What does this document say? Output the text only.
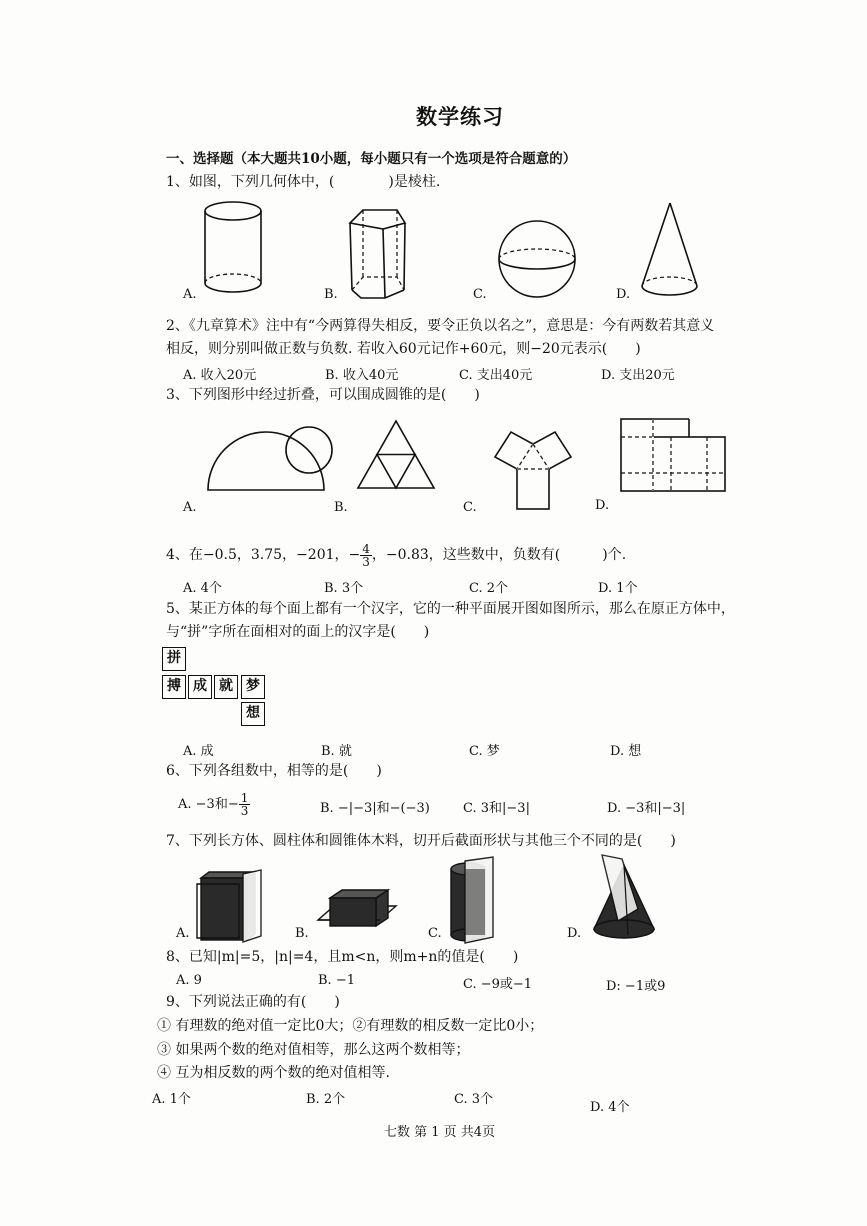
数学练习
一、选择题（本大题共10小题，每小题只有一个选项是符合题意的）
1、如图，下列几何体中，(	)是棱柱.
A.	B.	C.	D.
2、《九章算术》注中有“今两算得失相反，要令正负以名之”，意思是：今有两数若其意义
相反，则分别叫做正数与负数. 若收入60元记作+60元，则−20元表示(　　)
A. 收入20元	B. 收入40元	C. 支出40元	D. 支出20元
3、下列图形中经过折叠，可以围成圆锥的是(　　)
A.	B.	C.	D.
4、在−0.5，3.75，−201，− $\frac{4}{3}$ ，−0.83̇，这些数中，负数有(　　　)个.
A. 4个	B. 3个	C. 2个	D. 1个
5、某正方体的每个面上都有一个汉字，它的一种平面展开图如图所示，那么在原正方体中，
与“拼”字所在面相对的面上的汉字是(　　)
拼
搏 成 就 梦
想
A. 成	B. 就	C. 梦	D. 想
6、下列各组数中，相等的是(　　)
A. −3和− $\frac{1}{3}$	B. −|−3|和−(−3)	C. 3和|−3|	D. −3和|−3|
7、下列长方体、圆柱体和圆锥体木料，切开后截面形状与其他三个不同的是(　　)
A.	B.	C.	D.
8、已知|m|=5，|n|=4，且m<n，则m+n的值是(　　)
A. 9	B. −1	C. −9或−1	D: −1或9
9、下列说法正确的有(　　)
① 有理数的绝对值一定比0大；②有理数的相反数一定比0小；
③ 如果两个数的绝对值相等，那么这两个数相等；
④ 互为相反数的两个数的绝对值相等.
A. 1个	B. 2个	C. 3个
D. 4个
七数 第 1 页 共4页
